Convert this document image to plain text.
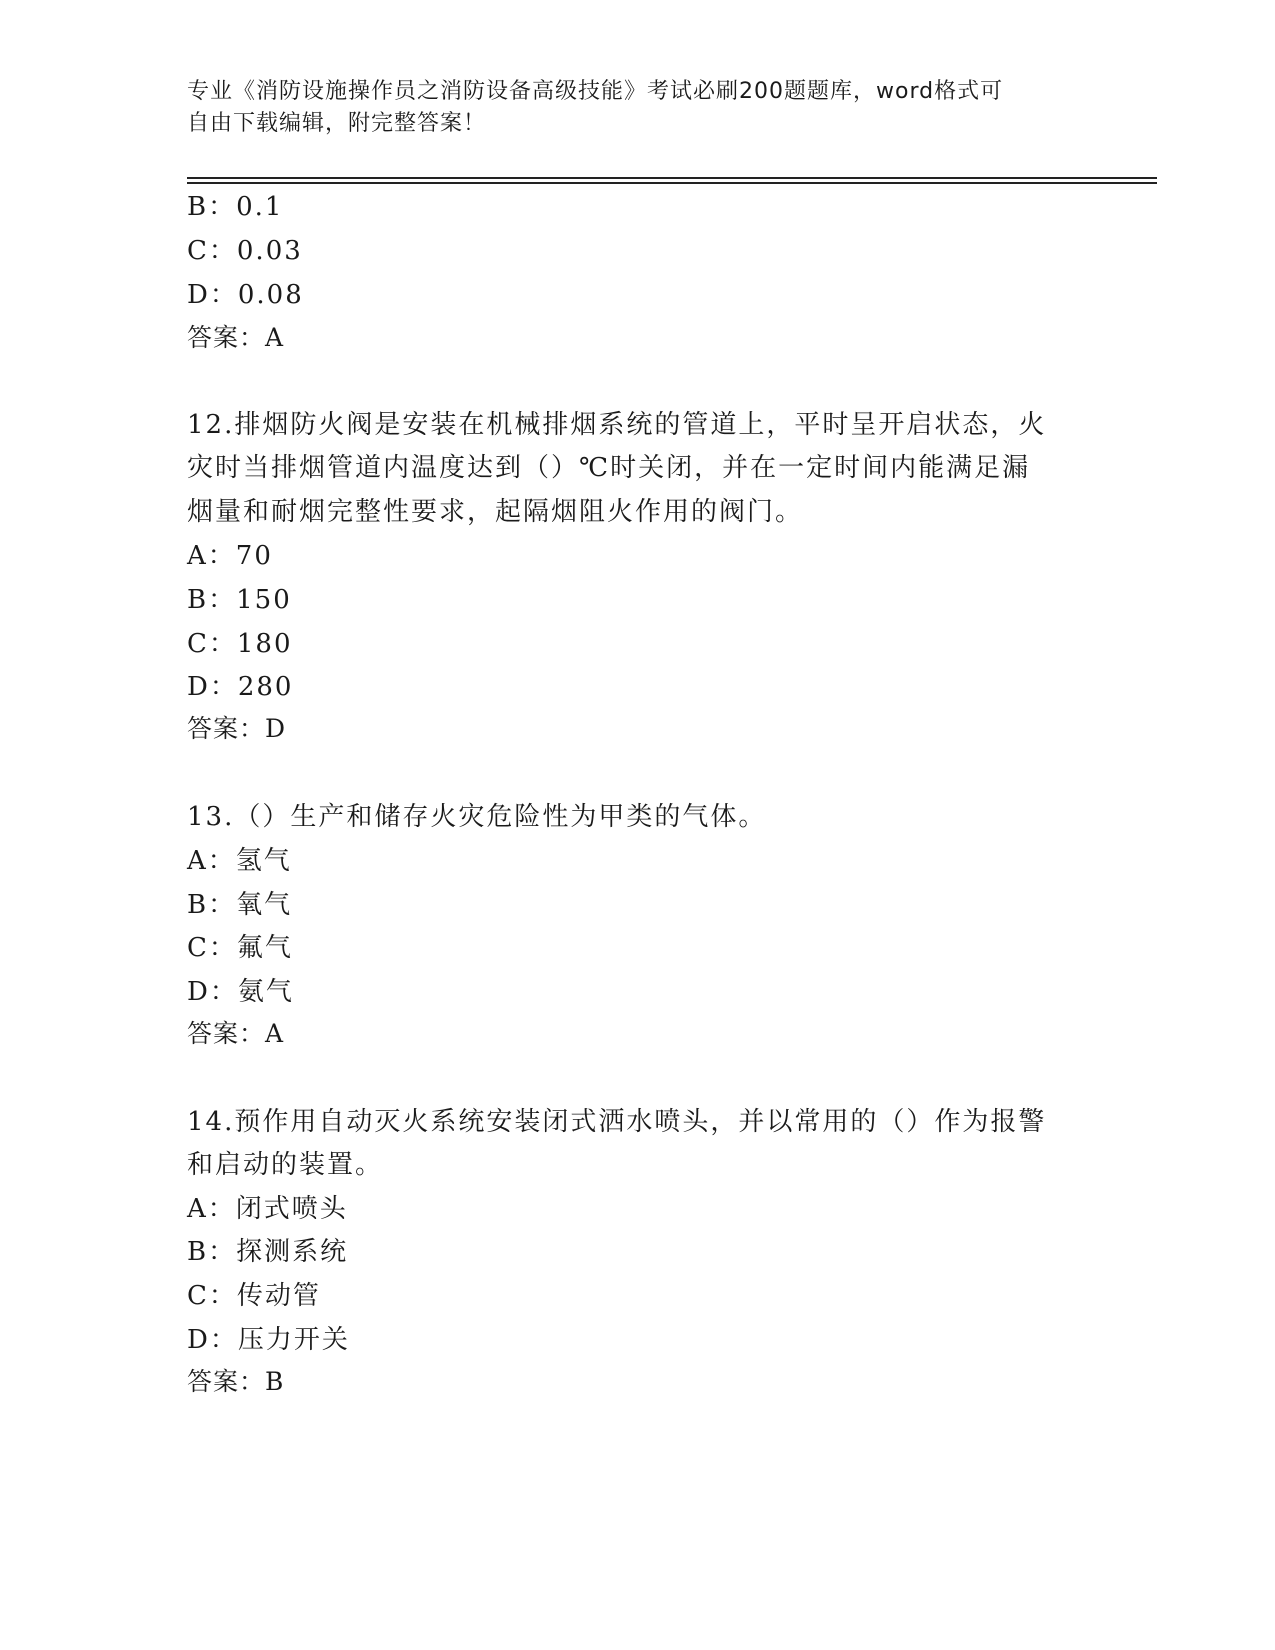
专业《消防设施操作员之消防设备高级技能》考试必刷200题题库，word格式可
自由下载编辑，附完整答案！
B：0.1
C：0.03
D：0.08
答案：A
12.排烟防火阀是安装在机械排烟系统的管道上，平时呈开启状态，火
灾时当排烟管道内温度达到（）℃时关闭，并在一定时间内能满足漏
烟量和耐烟完整性要求，起隔烟阻火作用的阀门。
A：70
B：150
C：180
D：280
答案：D
13.（）生产和储存火灾危险性为甲类的气体。
A：氢气
B：氧气
C：氟气
D：氨气
答案：A
14.预作用自动灭火系统安装闭式洒水喷头，并以常用的（）作为报警
和启动的装置。
A：闭式喷头
B：探测系统
C：传动管
D：压力开关
答案：B
